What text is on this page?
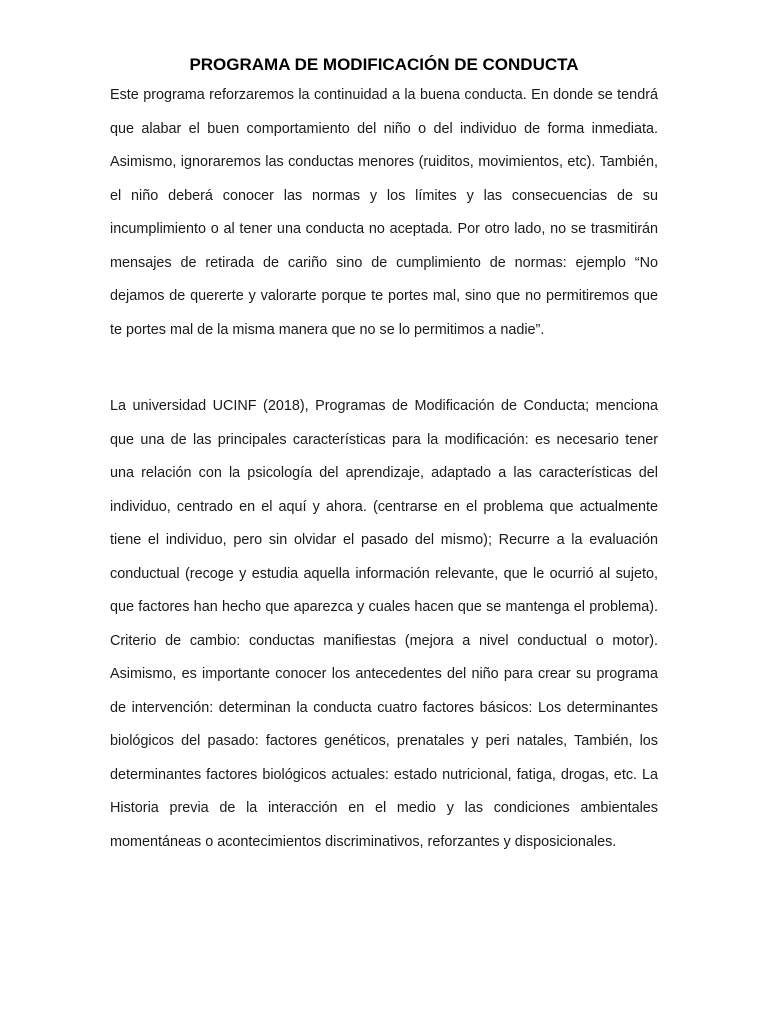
PROGRAMA DE MODIFICACIÓN DE CONDUCTA

Este programa reforzaremos la continuidad a la buena conducta. En donde se tendrá que alabar el buen comportamiento del niño o del individuo de forma inmediata. Asimismo, ignoraremos las conductas menores (ruiditos, movimientos, etc). También, el niño deberá conocer las normas y los límites y las consecuencias de su incumplimiento o al tener una conducta no aceptada. Por otro lado, no se trasmitirán mensajes de retirada de cariño sino de cumplimiento de normas: ejemplo “No dejamos de quererte y valorarte porque te portes mal, sino que no permitiremos que te portes mal de la misma manera que no se lo permitimos a nadie”.

La universidad UCINF (2018), Programas de Modificación de Conducta; menciona que una de las principales características para la modificación: es necesario tener una relación con la psicología del aprendizaje, adaptado a las características del individuo, centrado en el aquí y ahora. (centrarse en el problema que actualmente tiene el individuo, pero sin olvidar el pasado del mismo); Recurre a la evaluación conductual (recoge y estudia aquella información relevante, que le ocurrió al sujeto, que factores han hecho que aparezca y cuales hacen que se mantenga el problema). Criterio de cambio: conductas manifiestas (mejora a nivel conductual o motor). Asimismo, es importante conocer los antecedentes del niño para crear su programa de intervención: determinan la conducta cuatro factores básicos: Los determinantes biológicos del pasado: factores genéticos, prenatales y peri natales, También, los determinantes factores biológicos actuales: estado nutricional, fatiga, drogas, etc. La Historia previa de la interacción en el medio y las condiciones ambientales momentáneas o acontecimientos discriminativos, reforzantes y disposicionales.
